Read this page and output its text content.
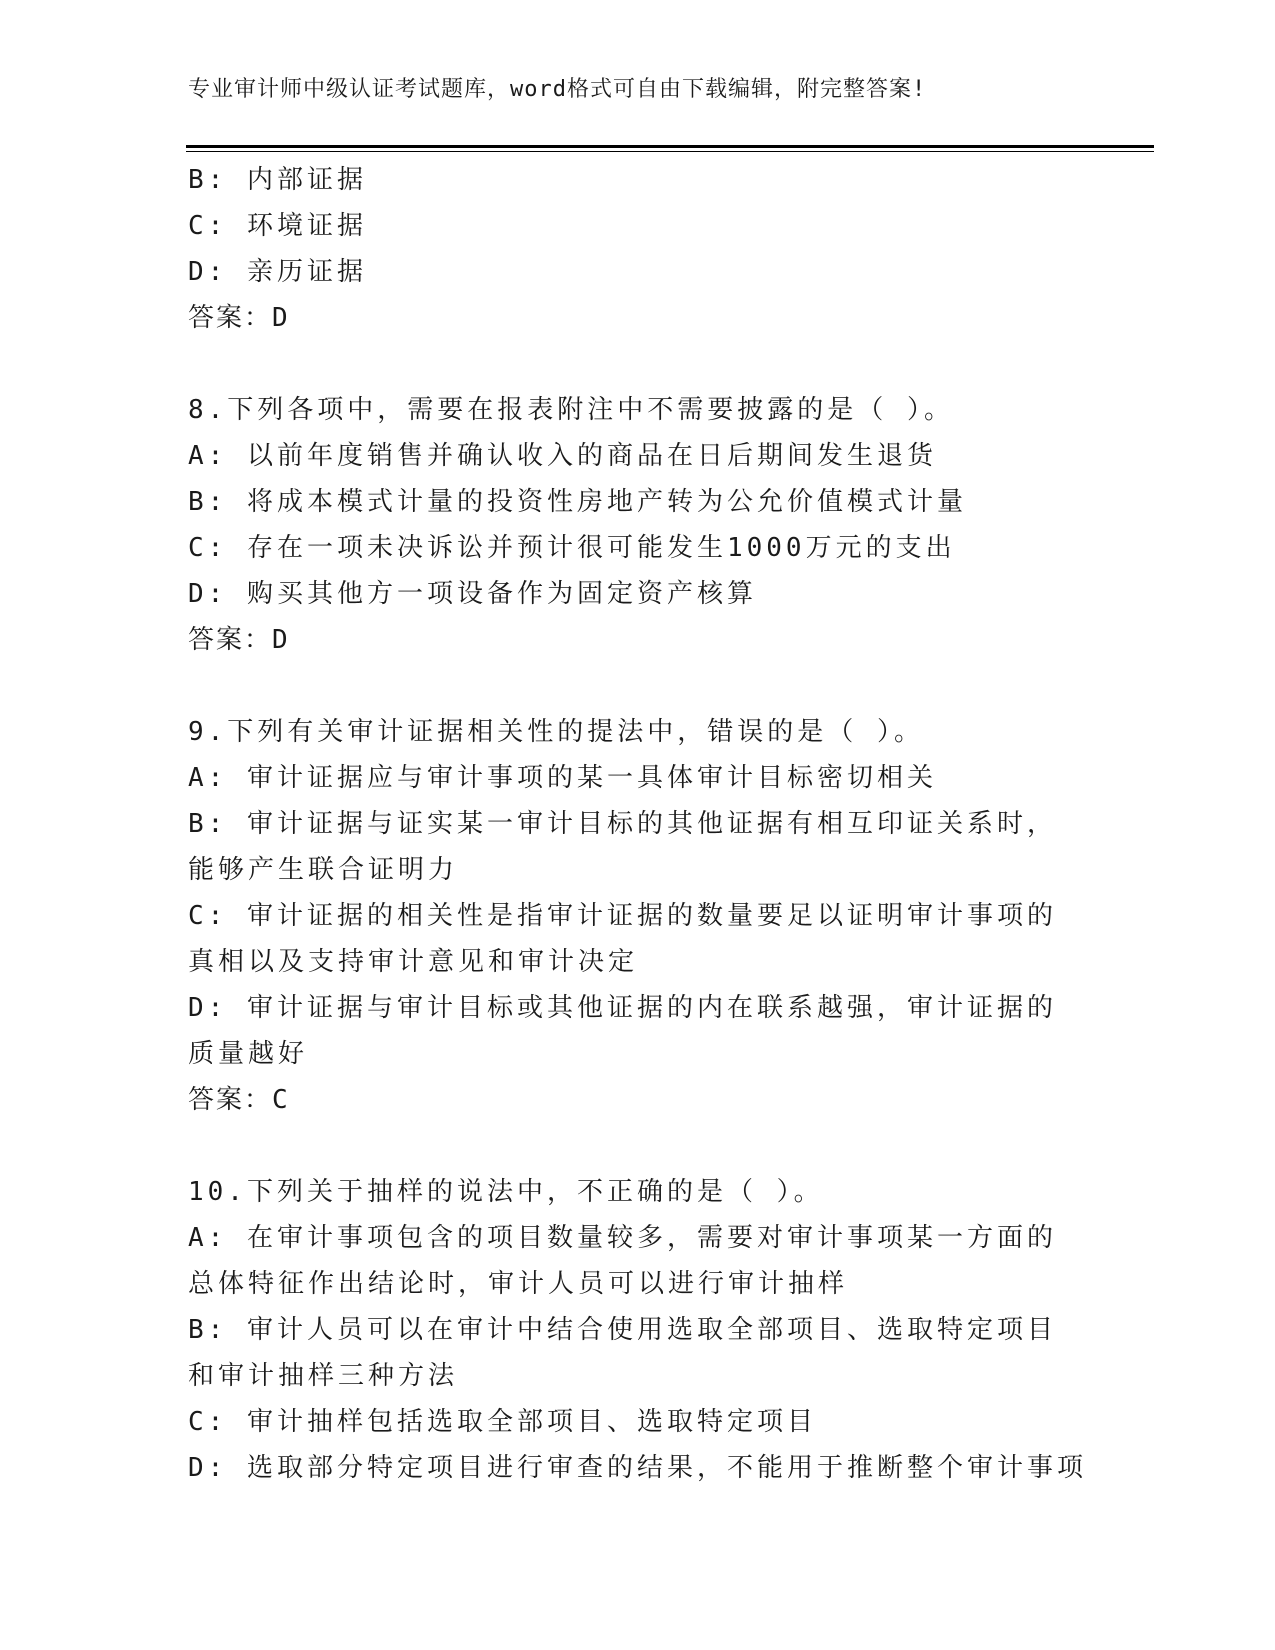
专业审计师中级认证考试题库，word格式可自由下载编辑，附完整答案!
B: 内部证据
C: 环境证据
D: 亲历证据
答案：D
8.下列各项中，需要在报表附注中不需要披露的是（ ）。
A: 以前年度销售并确认收入的商品在日后期间发生退货
B: 将成本模式计量的投资性房地产转为公允价值模式计量
C: 存在一项未决诉讼并预计很可能发生1000万元的支出
D: 购买其他方一项设备作为固定资产核算
答案：D
9.下列有关审计证据相关性的提法中，错误的是（ ）。
A: 审计证据应与审计事项的某一具体审计目标密切相关
B: 审计证据与证实某一审计目标的其他证据有相互印证关系时，能够产生联合证明力
C: 审计证据的相关性是指审计证据的数量要足以证明审计事项的真相以及支持审计意见和审计决定
D: 审计证据与审计目标或其他证据的内在联系越强，审计证据的质量越好
答案：C
10.下列关于抽样的说法中，不正确的是（ ）。
A: 在审计事项包含的项目数量较多，需要对审计事项某一方面的总体特征作出结论时，审计人员可以进行审计抽样
B: 审计人员可以在审计中结合使用选取全部项目、选取特定项目和审计抽样三种方法
C: 审计抽样包括选取全部项目、选取特定项目
D: 选取部分特定项目进行审查的结果，不能用于推断整个审计事项
